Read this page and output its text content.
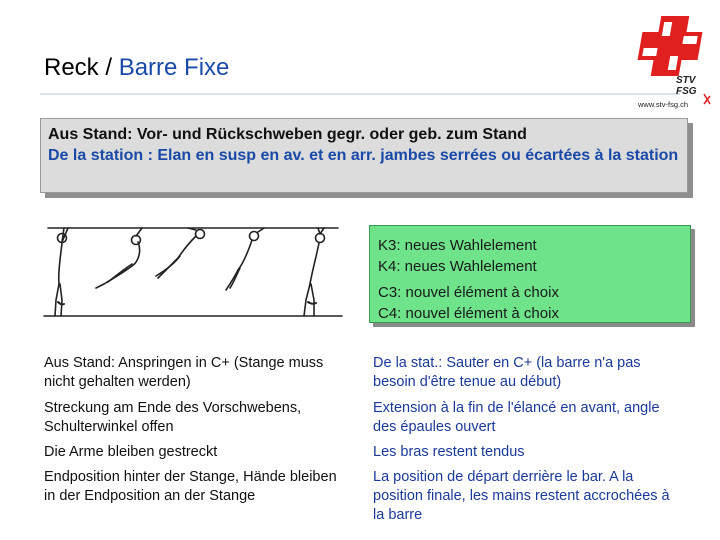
Reck / Barre Fixe	STV
FSG
www.stv-fsg.ch
Aus Stand: Vor- und Rückschweben gegr. oder geb. zum Stand
De la station : Elan en susp en av. et en arr. jambes serrées ou écartées à la station
K3: neues Wahlelement
K4: neues Wahlelement
C3: nouvel élément à choix
C4: nouvel élément à choix
Aus Stand: Anspringen in C+ (Stange muss nicht gehalten werden)
De la stat.: Sauter en C+ (la barre n'a pas besoin d'être tenue au début)
Streckung am Ende des Vorschwebens, Schulterwinkel offen
Extension à la fin de l'élancé en avant, angle des épaules ouvert
Die Arme bleiben gestreckt	Les bras restent tendus
Endposition hinter der Stange, Hände bleiben in der Endposition an der Stange
La position de départ derrière le bar. A la position finale, les mains restent accrochées à la barre
